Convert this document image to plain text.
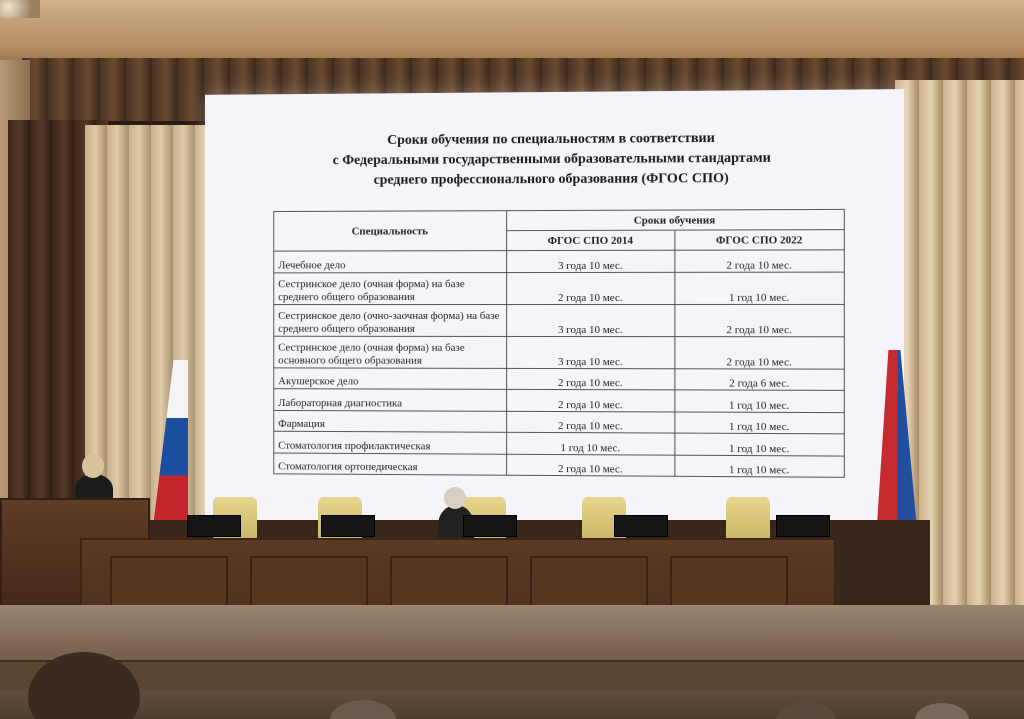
Сроки обучения по специальностям в соответствии
с Федеральными государственными образовательными стандартами
среднего профессионального образования (ФГОС СПО)
Специальность	Сроки обучения	
	ФГОС СПО 2014	ФГОС СПО 2022
Лечебное дело	3 года 10 мес.	2 года 10 мес.
Сестринское дело (очная форма) на базе среднего общего образования	2 года 10 мес.	1 год 10 мес.
Сестринское дело (очно-заочная форма) на базе среднего общего образования	3 года 10 мес.	2 года 10 мес.
Сестринское дело (очная форма) на базе основного общего образования	3 года 10 мес.	2 года 10 мес.
Акушерское дело	2 года 10 мес.	2 года 6 мес.
Лабораторная диагностика	2 года 10 мес.	1 год 10 мес.
Фармация	2 года 10 мес.	1 год 10 мес.
Стоматология профилактическая	1 год 10 мес.	1 год 10 мес.
Стоматология ортопедическая	2 года 10 мес.	1 год 10 мес.
